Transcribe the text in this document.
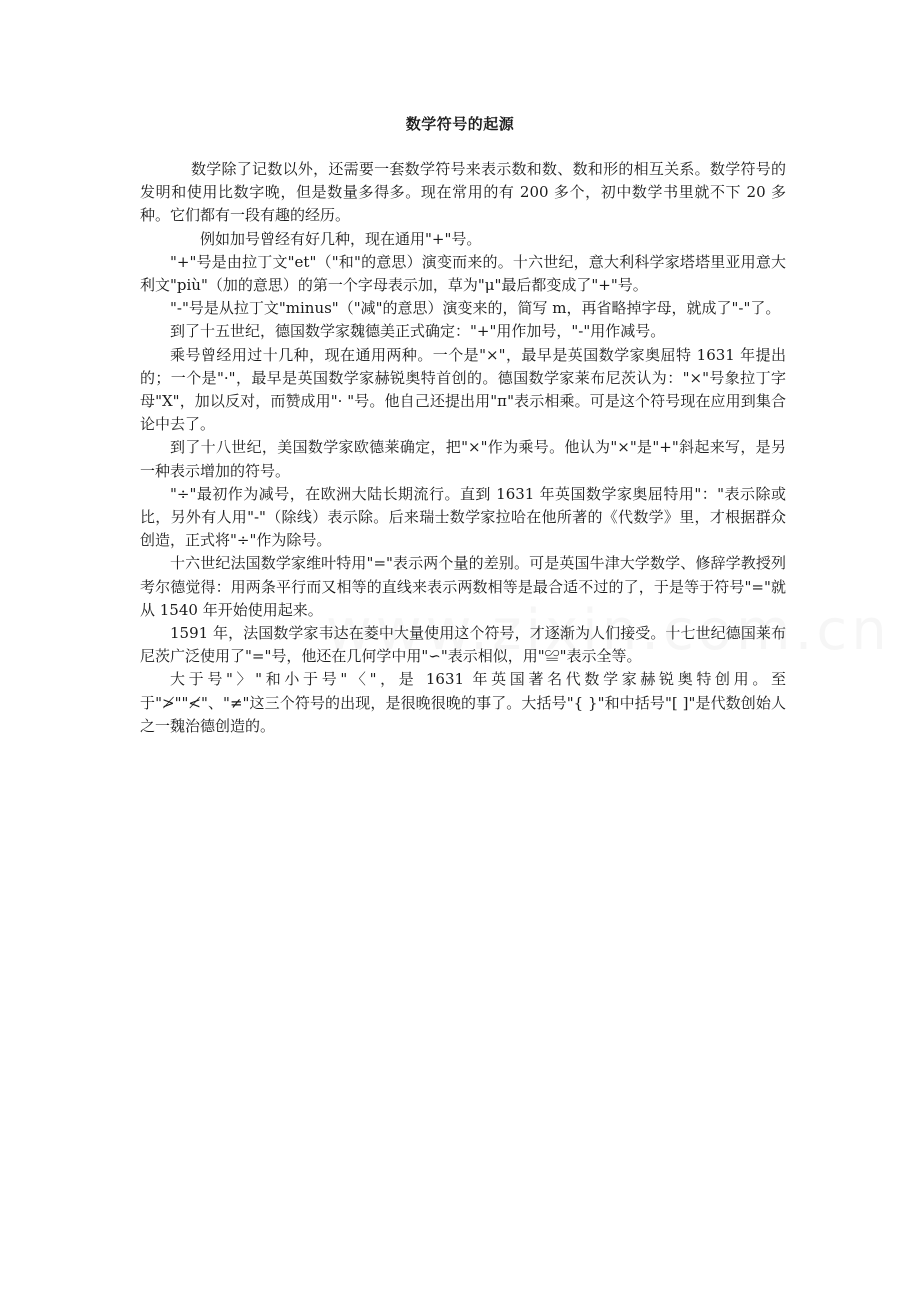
数学符号的起源

数学除了记数以外，还需要一套数学符号来表示数和数、数和形的相互关系。数学符号的发明和使用比数字晚，但是数量多得多。现在常用的有 200 多个，初中数学书里就不下 20 多种。它们都有一段有趣的经历。

例如加号曾经有好几种，现在通用"+"号。

"+"号是由拉丁文"et"（"和"的意思）演变而来的。十六世纪，意大利科学家塔塔里亚用意大利文"più"（加的意思）的第一个字母表示加，草为"μ"最后都变成了"+"号。

"-"号是从拉丁文"minus"（"减"的意思）演变来的，简写 m，再省略掉字母，就成了"-"了。

到了十五世纪，德国数学家魏德美正式确定："+"用作加号，"-"用作减号。

乘号曾经用过十几种，现在通用两种。一个是"×"，最早是英国数学家奥屈特 1631 年提出的；一个是"·"，最早是英国数学家赫锐奥特首创的。德国数学家莱布尼茨认为："×"号象拉丁字母"X"，加以反对，而赞成用"· "号。他自己还提出用"п"表示相乘。可是这个符号现在应用到集合论中去了。

到了十八世纪，美国数学家欧德莱确定，把"×"作为乘号。他认为"×"是"+"斜起来写，是另一种表示增加的符号。

"÷"最初作为减号，在欧洲大陆长期流行。直到 1631 年英国数学家奥屈特用"："表示除或比，另外有人用"-"（除线）表示除。后来瑞士数学家拉哈在他所著的《代数学》里，才根据群众创造，正式将"÷"作为除号。

十六世纪法国数学家维叶特用"="表示两个量的差别。可是英国牛津大学数学、修辞学教授列考尔德觉得：用两条平行而又相等的直线来表示两数相等是最合适不过的了，于是等于符号"="就从 1540 年开始使用起来。

1591 年，法国数学家韦达在菱中大量使用这个符号，才逐渐为人们接受。十七世纪德国莱布尼茨广泛使用了"="号，他还在几何学中用"∽"表示相似，用"≌"表示全等。

大于号"〉"和小于号"〈"，是 1631 年英国著名代数学家赫锐奥特创用。至于"≯""≮"、"≠"这三个符号的出现，是很晚很晚的事了。大括号"{ }"和中括号"[ ]"是代数创始人之一魏治德创造的。
